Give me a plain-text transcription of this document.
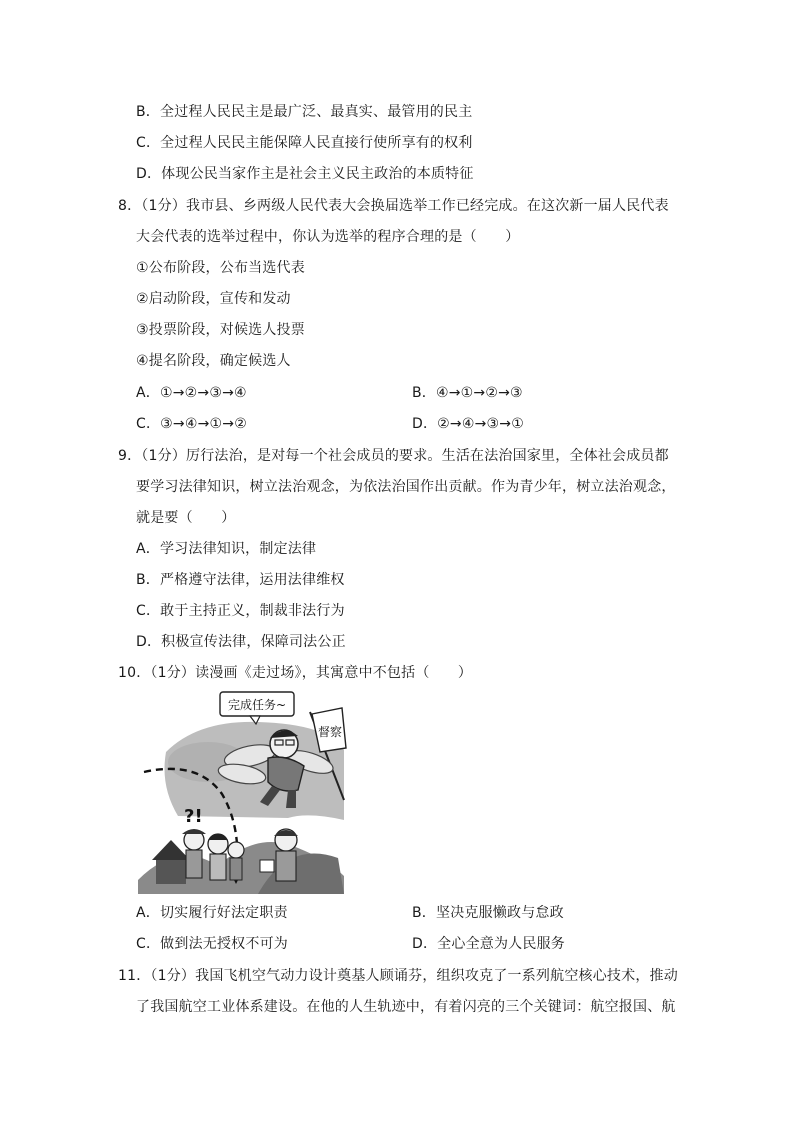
B．全过程人民民主是最广泛、最真实、最管用的民主
C．全过程人民民主能保障人民直接行使所享有的权利
D．体现公民当家作主是社会主义民主政治的本质特征
8．（1分）我市县、乡两级人民代表大会换届选举工作已经完成。在这次新一届人民代表
大会代表的选举过程中，你认为选举的程序合理的是（　　）
①公布阶段，公布当选代表
②启动阶段，宣传和发动
③投票阶段，对候选人投票
④提名阶段，确定候选人
A．①→②→③→④	B．④→①→②→③
C．③→④→①→②	D．②→④→③→①
9．（1分）厉行法治，是对每一个社会成员的要求。生活在法治国家里，全体社会成员都
要学习法律知识，树立法治观念，为依法治国作出贡献。作为青少年，树立法治观念，
就是要（　　）
A．学习法律知识，制定法律
B．严格遵守法律，运用法律维权
C．敢于主持正义，制裁非法行为
D．积极宣传法律，保障司法公正
10．（1分）读漫画《走过场》，其寓意中不包括（　　）
完成任务~
督察
?!
A．切实履行好法定职责	B．坚决克服懒政与怠政
C．做到法无授权不可为	D．全心全意为人民服务
11．（1分）我国飞机空气动力设计奠基人顾诵芬，组织攻克了一系列航空核心技术，推动
了我国航空工业体系建设。在他的人生轨迹中，有着闪亮的三个关键词：航空报国、航
